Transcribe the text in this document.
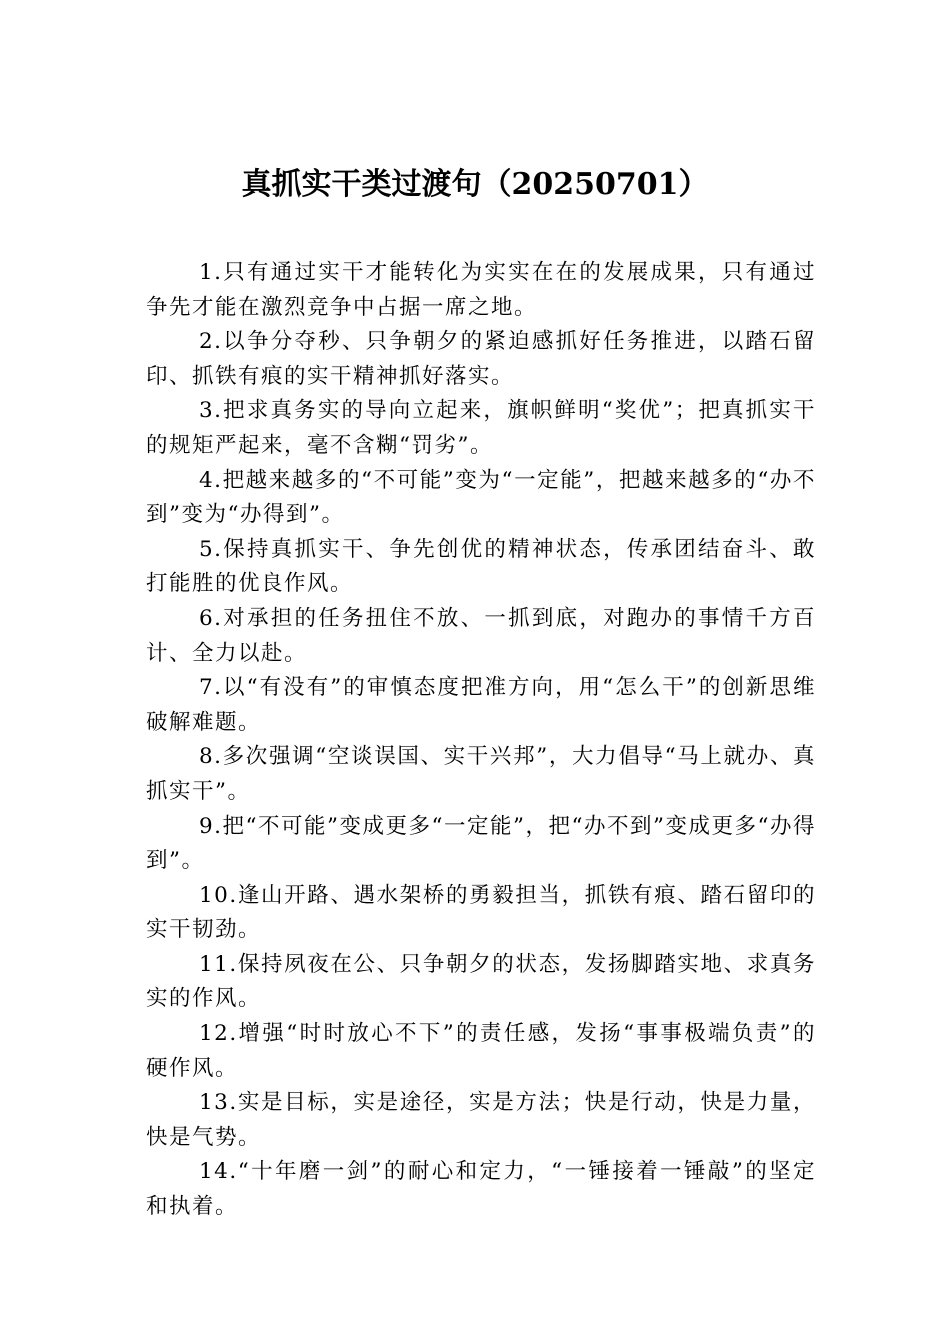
真抓实干类过渡句（20250701）

1.只有通过实干才能转化为实实在在的发展成果，只有通过争先才能在激烈竞争中占据一席之地。

2.以争分夺秒、只争朝夕的紧迫感抓好任务推进，以踏石留印、抓铁有痕的实干精神抓好落实。

3.把求真务实的导向立起来，旗帜鲜明“奖优”；把真抓实干的规矩严起来，毫不含糊“罚劣”。

4.把越来越多的“不可能”变为“一定能”，把越来越多的“办不到”变为“办得到”。

5.保持真抓实干、争先创优的精神状态，传承团结奋斗、敢打能胜的优良作风。

6.对承担的任务扭住不放、一抓到底，对跑办的事情千方百计、全力以赴。

7.以“有没有”的审慎态度把准方向，用“怎么干”的创新思维破解难题。

8.多次强调“空谈误国、实干兴邦”，大力倡导“马上就办、真抓实干”。

9.把“不可能”变成更多“一定能”，把“办不到”变成更多“办得到”。

10.逢山开路、遇水架桥的勇毅担当，抓铁有痕、踏石留印的实干韧劲。

11.保持夙夜在公、只争朝夕的状态，发扬脚踏实地、求真务实的作风。

12.增强“时时放心不下”的责任感，发扬“事事极端负责”的硬作风。

13.实是目标，实是途径，实是方法；快是行动，快是力量，快是气势。

14.“十年磨一剑”的耐心和定力，“一锤接着一锤敲”的坚定和执着。
